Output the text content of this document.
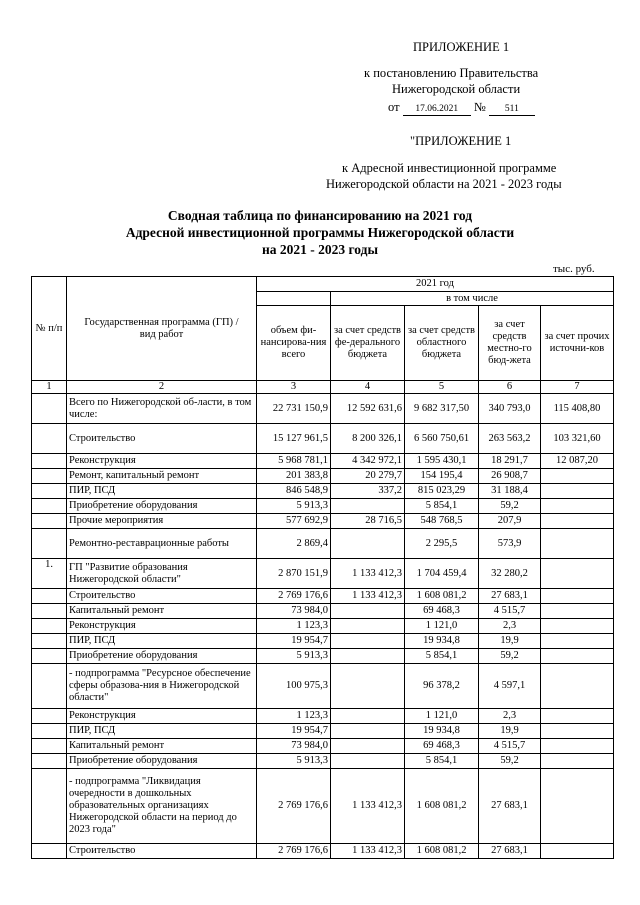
ПРИЛОЖЕНИЕ 1
к постановлению Правительства
Нижегородской области
от 17.06.2021 № 511
"ПРИЛОЖЕНИЕ 1
к Адресной инвестиционной программе
Нижегородской области на 2021 - 2023 годы
Сводная таблица по финансированию на 2021 год
Адресной инвестиционной программы Нижегородской области
на 2021 - 2023 годы
тыс. руб.
№ п/п	Государственная программа (ГП) / вид работ	2021 год				
			в том числе			
		объем фи-нансирова-ния всего	за счет средств фе-дерального бюджета	за счет средств областного бюджета	за счет средств местно-го бюд-жета	за счет прочих источни-ков
1	2	3	4	5	6	7
	Всего по Нижегородской об-ласти, в том числе:	22 731 150,9	12 592 631,6	9 682 317,50	340 793,0	115 408,80
	Строительство	15 127 961,5	8 200 326,1	6 560 750,61	263 563,2	103 321,60
	Реконструкция	5 968 781,1	4 342 972,1	1 595 430,1	18 291,7	12 087,20
	Ремонт, капитальный ремонт	201 383,8	20 279,7	154 195,4	26 908,7	
	ПИР, ПСД	846 548,9	337,2	815 023,29	31 188,4	
	Приобретение оборудования	5 913,3		5 854,1	59,2	
	Прочие мероприятия	577 692,9	28 716,5	548 768,5	207,9	
	Ремонтно-реставрационные работы	2 869,4		2 295,5	573,9	
1.	ГП "Развитие образования Нижегородской области"	2 870 151,9	1 133 412,3	1 704 459,4	32 280,2	
	Строительство	2 769 176,6	1 133 412,3	1 608 081,2	27 683,1	
	Капитальный ремонт	73 984,0		69 468,3	4 515,7	
	Реконструкция	1 123,3		1 121,0	2,3	
	ПИР, ПСД	19 954,7		19 934,8	19,9	
	Приобретение оборудования	5 913,3		5 854,1	59,2	
	- подпрограмма "Ресурсное обеспечение сферы образова-ния в Нижегородской области"	100 975,3		96 378,2	4 597,1	
	Реконструкция	1 123,3		1 121,0	2,3	
	ПИР, ПСД	19 954,7		19 934,8	19,9	
	Капитальный ремонт	73 984,0		69 468,3	4 515,7	
	Приобретение оборудования	5 913,3		5 854,1	59,2	
	- подпрограмма "Ликвидация очередности в дошкольных образовательных организациях Нижегородской области на период до 2023 года"	2 769 176,6	1 133 412,3	1 608 081,2	27 683,1	
	Строительство	2 769 176,6	1 133 412,3	1 608 081,2	27 683,1	
